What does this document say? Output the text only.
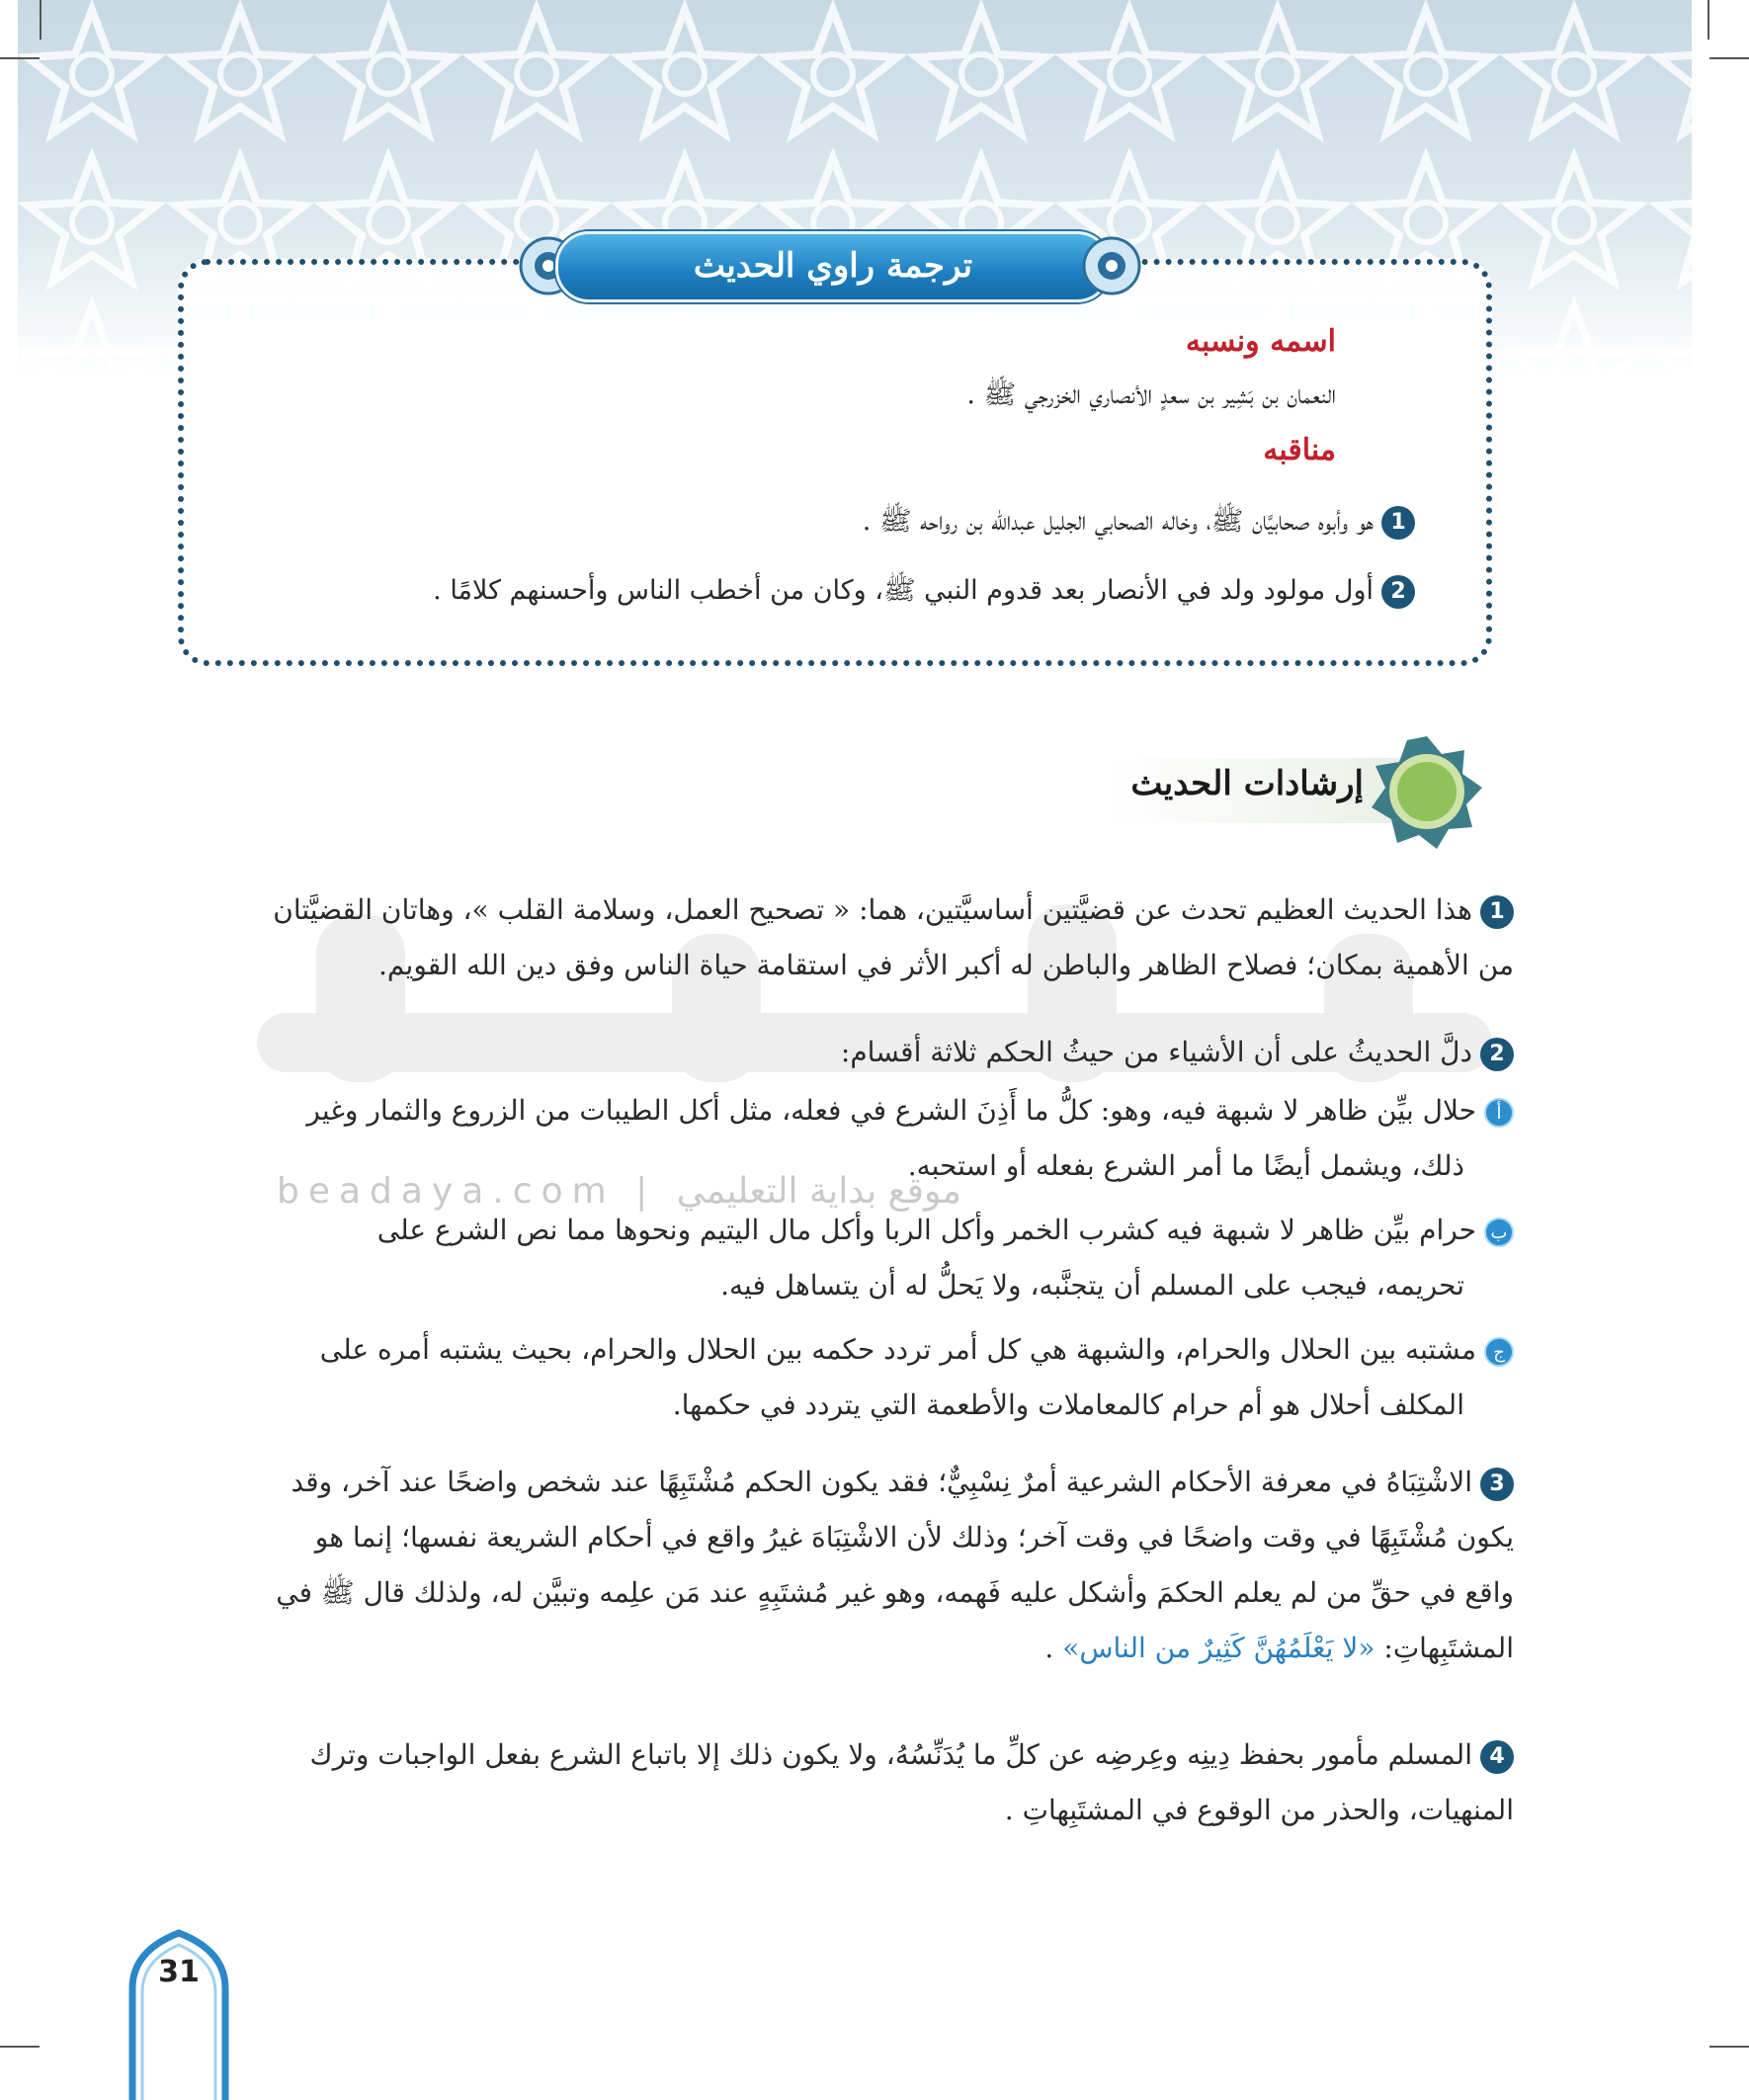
ترجمة راوي الحديث
اسمه ونسبه
النعمان بن بَشِير بن سعدٍ الأنصاري الخزرجي ﷺ .
مناقبه
1هو وأبوه صحابيَّان ﷺ، وخاله الصحابي الجليل عبدالله بن رواحه ﷺ .
2أول مولود ولد في الأنصار بعد قدوم النبي ﷺ، وكان من أخطب الناس وأحسنهم كلامًا .
إرشادات الحديث
beadaya.com | موقع بداية التعليمي
1هذا الحديث العظيم تحدث عن قضيَّتين أساسيَّتين، هما: « تصحيح العمل، وسلامة القلب »، وهاتان القضيَّتان
من الأهمية بمكان؛ فصلاح الظاهر والباطن له أكبر الأثر في استقامة حياة الناس وفق دين الله القويم.
2دلَّ الحديثُ على أن الأشياء من حيثُ الحكم ثلاثة أقسام:
أحلال بيِّن ظاهر لا شبهة فيه، وهو: كلُّ ما أَذِنَ الشرع في فعله، مثل أكل الطيبات من الزروع والثمار وغير
ذلك، ويشمل أيضًا ما أمر الشرع بفعله أو استحبه.
بحرام بيِّن ظاهر لا شبهة فيه كشرب الخمر وأكل الربا وأكل مال اليتيم ونحوها مما نص الشرع على
تحريمه، فيجب على المسلم أن يتجنَّبه، ولا يَحلُّ له أن يتساهل فيه.
جمشتبه بين الحلال والحرام، والشبهة هي كل أمر تردد حكمه بين الحلال والحرام، بحيث يشتبه أمره على
المكلف أحلال هو أم حرام كالمعاملات والأطعمة التي يتردد في حكمها.
3الاشْتِبَاهُ في معرفة الأحكام الشرعية أمرٌ نِسْبِيٌّ؛ فقد يكون الحكم مُشْتَبِهًا عند شخص واضحًا عند آخر، وقد
يكون مُشْتَبِهًا في وقت واضحًا في وقت آخر؛ وذلك لأن الاشْتِبَاهَ غيرُ واقع في أحكام الشريعة نفسها؛ إنما هو
واقع في حقِّ من لم يعلم الحكمَ وأشكل عليه فَهمه، وهو غير مُشتَبِهٍ عند مَن علِمه وتبيَّن له، ولذلك قال ﷺ في
المشتَبِهاتِ: «لا يَعْلَمُهُنَّ كَثِيرٌ من الناس» .
4المسلم مأمور بحفظ دِينِه وعِرضِه عن كلِّ ما يُدَنِّسُهُ، ولا يكون ذلك إلا باتباع الشرع بفعل الواجبات وترك
المنهيات، والحذر من الوقوع في المشتَبِهاتِ .
31
